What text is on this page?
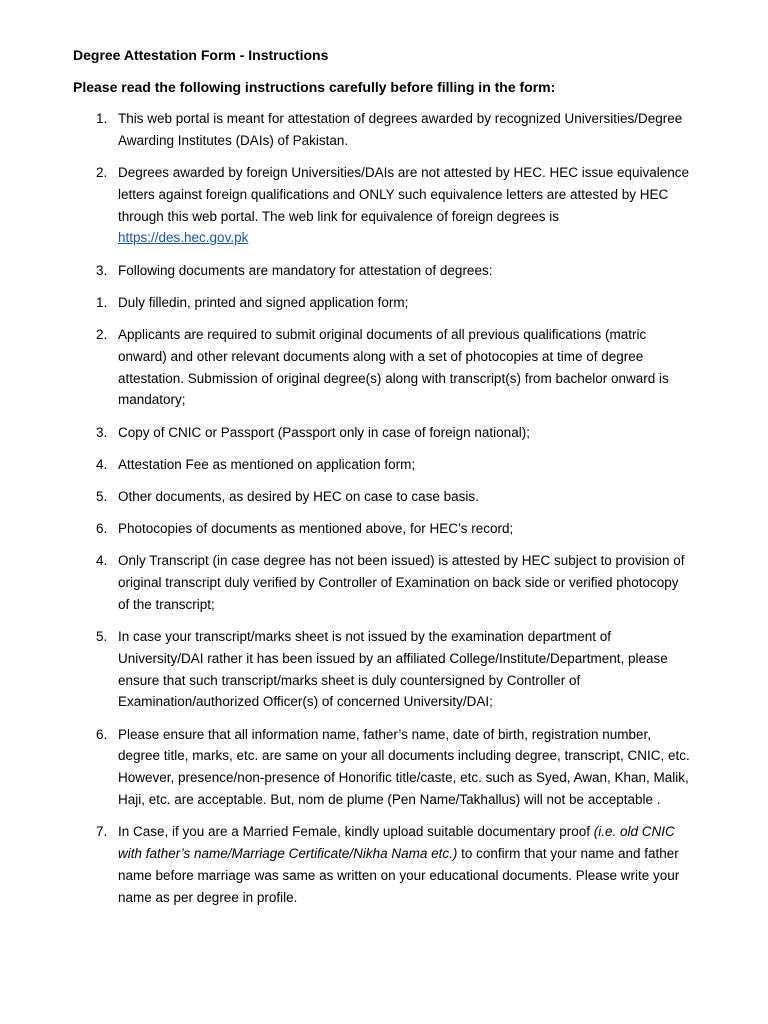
Degree Attestation Form - Instructions
Please read the following instructions carefully before filling in the form:
1. This web portal is meant for attestation of degrees awarded by recognized Universities/Degree Awarding Institutes (DAIs) of Pakistan.
2. Degrees awarded by foreign Universities/DAIs are not attested by HEC. HEC issue equivalence letters against foreign qualifications and ONLY such equivalence letters are attested by HEC through this web portal. The web link for equivalence of foreign degrees is
https://des.hec.gov.pk
3. Following documents are mandatory for attestation of degrees:
1. Duly filledin, printed and signed application form;
2. Applicants are required to submit original documents of all previous qualifications (matric onward) and other relevant documents along with a set of photocopies at time of degree attestation. Submission of original degree(s) along with transcript(s) from bachelor onward is mandatory;
3. Copy of CNIC or Passport (Passport only in case of foreign national);
4. Attestation Fee as mentioned on application form;
5. Other documents, as desired by HEC on case to case basis.
6. Photocopies of documents as mentioned above, for HEC’s record;
4. Only Transcript (in case degree has not been issued) is attested by HEC subject to provision of original transcript duly verified by Controller of Examination on back side or verified photocopy of the transcript;
5. In case your transcript/marks sheet is not issued by the examination department of University/DAI rather it has been issued by an affiliated College/Institute/Department, please ensure that such transcript/marks sheet is duly countersigned by Controller of Examination/authorized Officer(s) of concerned University/DAI;
6. Please ensure that all information name, father’s name, date of birth, registration number, degree title, marks, etc. are same on your all documents including degree, transcript, CNIC, etc. However, presence/non-presence of Honorific title/caste, etc. such as Syed, Awan, Khan, Malik, Haji, etc. are acceptable. But, nom de plume (Pen Name/Takhallus) will not be acceptable .
7. In Case, if you are a Married Female, kindly upload suitable documentary proof (i.e. old CNIC with father’s name/Marriage Certificate/Nikha Nama etc.) to confirm that your name and father name before marriage was same as written on your educational documents. Please write your name as per degree in profile.
